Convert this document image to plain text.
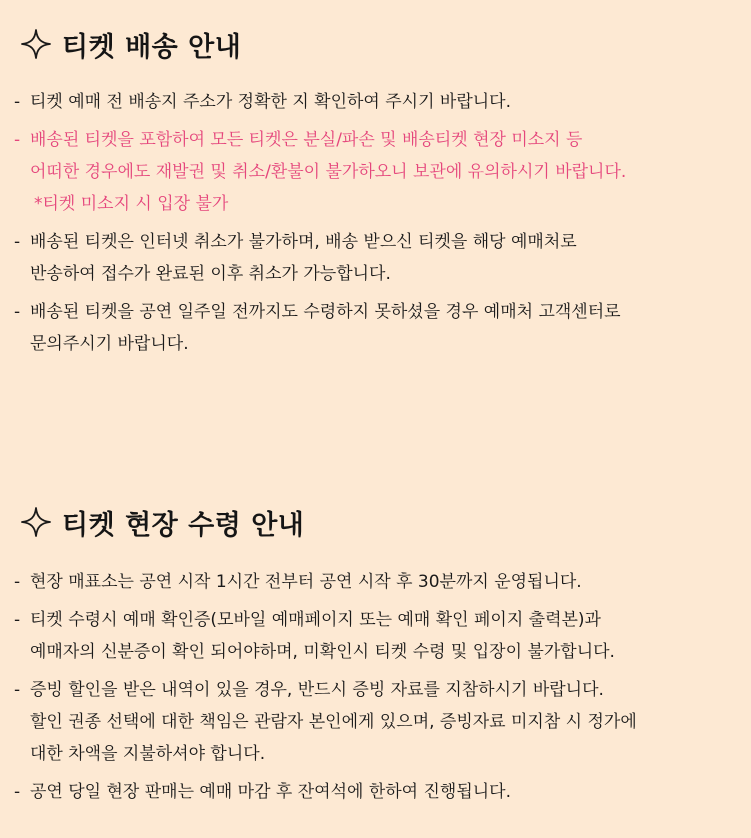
티켓 배송 안내
- 티켓 예매 전 배송지 주소가 정확한 지 확인하여 주시기 바랍니다.
- 배송된 티켓을 포함하여 모든 티켓은 분실/파손 및 배송티켓 현장 미소지 등
어떠한 경우에도 재발권 및 취소/환불이 불가하오니 보관에 유의하시기 바랍니다.
*티켓 미소지 시 입장 불가
- 배송된 티켓은 인터넷 취소가 불가하며, 배송 받으신 티켓을 해당 예매처로
반송하여 접수가 완료된 이후 취소가 가능합니다.
- 배송된 티켓을 공연 일주일 전까지도 수령하지 못하셨을 경우 예매처 고객센터로
문의주시기 바랍니다.
티켓 현장 수령 안내
- 현장 매표소는 공연 시작 1시간 전부터 공연 시작 후 30분까지 운영됩니다.
- 티켓 수령시 예매 확인증(모바일 예매페이지 또는 예매 확인 페이지 출력본)과
예매자의 신분증이 확인 되어야하며, 미확인시 티켓 수령 및 입장이 불가합니다.
- 증빙 할인을 받은 내역이 있을 경우, 반드시 증빙 자료를 지참하시기 바랍니다.
할인 권종 선택에 대한 책임은 관람자 본인에게 있으며, 증빙자료 미지참 시 정가에
대한 차액을 지불하셔야 합니다.
- 공연 당일 현장 판매는 예매 마감 후 잔여석에 한하여 진행됩니다.
